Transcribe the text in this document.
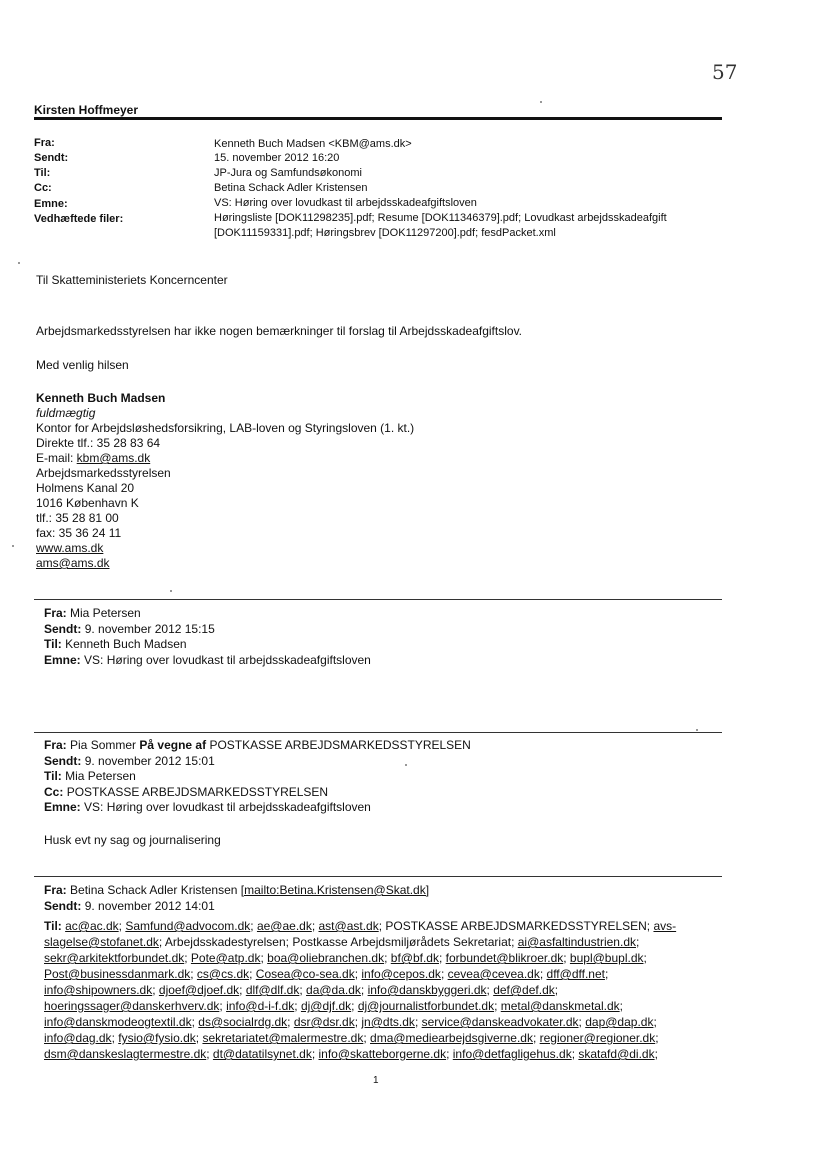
57
Kirsten Hoffmeyer
Fra:	Kenneth Buch Madsen <KBM@ams.dk>
Sendt:	15. november 2012 16:20
Til:	JP-Jura og Samfundsøkonomi
Cc:	Betina Schack Adler Kristensen
Emne:	VS: Høring over lovudkast til arbejdsskadeafgiftsloven
Vedhæftede filer:	Høringsliste [DOK11298235].pdf; Resume [DOK11346379].pdf; Lovudkast arbejdsskadeafgift
[DOK11159331].pdf; Høringsbrev [DOK11297200].pdf; fesdPacket.xml
Til Skatteministeriets Koncerncenter
Arbejdsmarkedsstyrelsen har ikke nogen bemærkninger til forslag til Arbejdsskadeafgiftslov.
Med venlig hilsen
Kenneth Buch Madsen
fuldmægtig
Kontor for Arbejdsløshedsforsikring, LAB-loven og Styringsloven (1. kt.)
Direkte tlf.: 35 28 83 64
E-mail: kbm@ams.dk
Arbejdsmarkedsstyrelsen
Holmens Kanal 20
1016 København K
tlf.: 35 28 81 00
fax: 35 36 24 11
www.ams.dk
ams@ams.dk
Fra: Mia Petersen
Sendt: 9. november 2012 15:15
Til: Kenneth Buch Madsen
Emne: VS: Høring over lovudkast til arbejdsskadeafgiftsloven
Fra: Pia Sommer På vegne af POSTKASSE ARBEJDSMARKEDSSTYRELSEN
Sendt: 9. november 2012 15:01
Til: Mia Petersen
Cc: POSTKASSE ARBEJDSMARKEDSSTYRELSEN
Emne: VS: Høring over lovudkast til arbejdsskadeafgiftsloven
Husk evt ny sag og journalisering
Fra: Betina Schack Adler Kristensen [mailto:Betina.Kristensen@Skat.dk]
Sendt: 9. november 2012 14:01
Til: ac@ac.dk; Samfund@advocom.dk; ae@ae.dk; ast@ast.dk; POSTKASSE ARBEJDSMARKEDSSTYRELSEN; avs-slagelse@stofanet.dk; Arbejdsskadestyrelsen; Postkasse Arbejdsmiljørådets Sekretariat; ai@asfaltindustrien.dk; sekr@arkitektforbundet.dk; Pote@atp.dk; boa@oliebranchen.dk; bf@bf.dk; forbundet@blikroer.dk; bupl@bupl.dk; Post@businessdanmark.dk; cs@cs.dk; Cosea@co-sea.dk; info@cepos.dk; cevea@cevea.dk; dff@dff.net; info@shipowners.dk; djoef@djoef.dk; dlf@dlf.dk; da@da.dk; info@danskbyggeri.dk; def@def.dk; hoeringssager@danskerhverv.dk; info@d-i-f.dk; dj@djf.dk; dj@journalistforbundet.dk; metal@danskmetal.dk; info@danskmodeogtextil.dk; ds@socialrdg.dk; dsr@dsr.dk; jn@dts.dk; service@danskeadvokater.dk; dap@dap.dk; info@dag.dk; fysio@fysio.dk; sekretariatet@malermestre.dk; dma@mediearbejdsgiverne.dk; regioner@regioner.dk; dsm@danskeslagtermestre.dk; dt@datatilsynet.dk; info@skatteborgerne.dk; info@detfagligehus.dk; skatafd@di.dk;
1
